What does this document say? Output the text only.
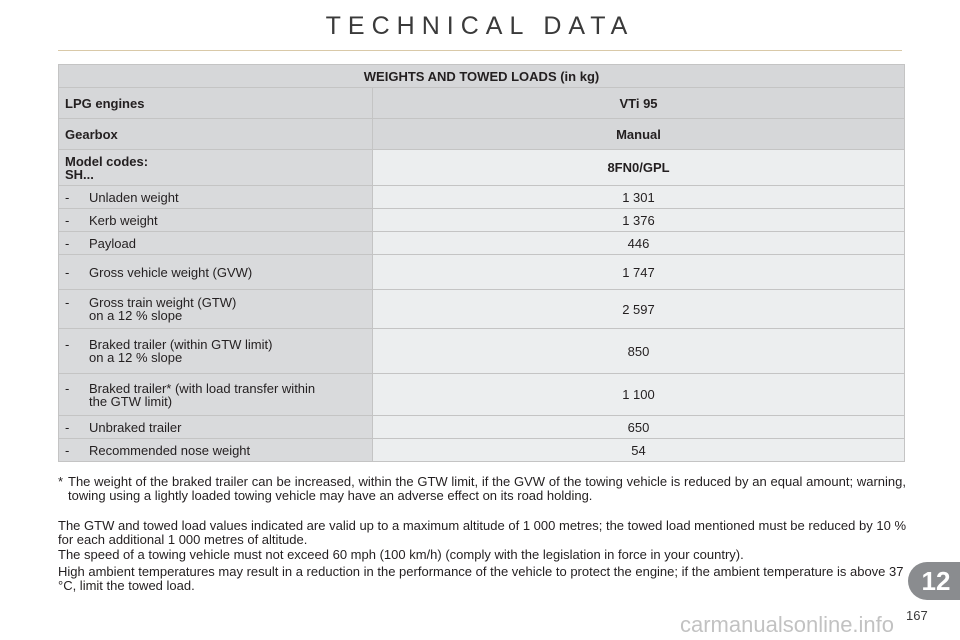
TECHNICAL DATA
WEIGHTS AND TOWED LOADS (in kg)	
LPG engines	VTi 95
Gearbox	Manual

Model codes:
SH...	8FN0/GPL

- Unladen weight	1 301

- Kerb weight	1 376

- Payload	446

- Gross vehicle weight (GVW)	1 747

- Gross train weight (GTW)
on a 12 % slope	2 597

- Braked trailer (within GTW limit)
on a 12 % slope	850

- Braked trailer* (with load transfer within
the GTW limit)	1 100

- Unbraked trailer	650

- Recommended nose weight	54
* The weight of the braked trailer can be increased, within the GTW limit, if the GVW of the towing vehicle is reduced by an equal amount; warning, towing using a lightly loaded towing vehicle may have an adverse effect on its road holding.
The GTW and towed load values indicated are valid up to a maximum altitude of 1 000 metres; the towed load mentioned must be reduced by 10 % for each additional 1 000 metres of altitude.
The speed of a towing vehicle must not exceed 60 mph (100 km/h) (comply with the legislation in force in your country).
High ambient temperatures may result in a reduction in the performance of the vehicle to protect the engine; if the ambient temperature is above 37 °C, limit the towed load.	12
carmanualsonline.info 167
